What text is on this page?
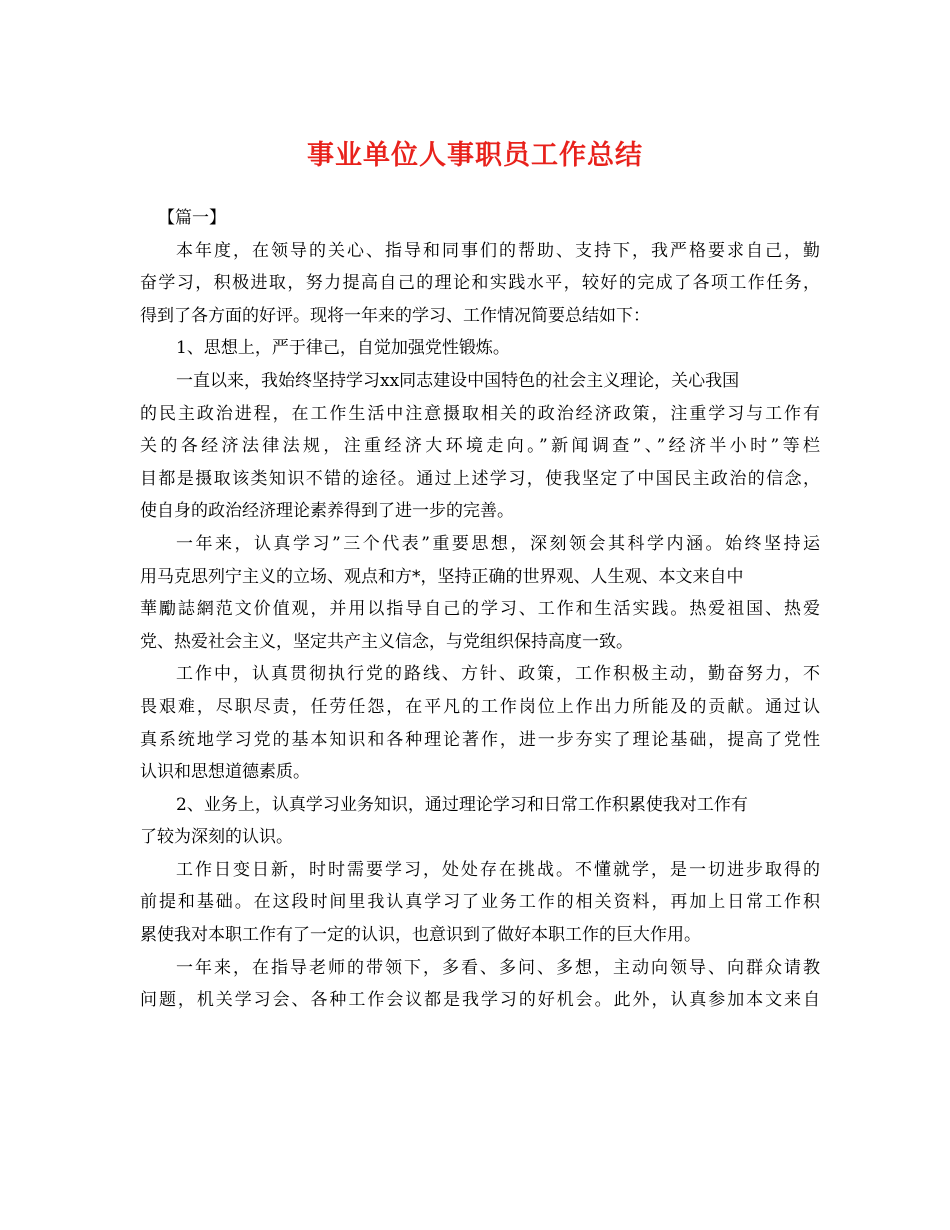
事业单位人事职员工作总结
【篇一】
本年度，在领导的关心、指导和同事们的帮助、支持下，我严格要求自己，勤
奋学习，积极进取，努力提高自己的理论和实践水平，较好的完成了各项工作任务，
得到了各方面的好评。现将一年来的学习、工作情况简要总结如下：
1、思想上，严于律己，自觉加强党性锻炼。
一直以来，我始终坚持学习xx同志建设中国特色的社会主义理论，关心我国
的民主政治进程，在工作生活中注意摄取相关的政治经济政策，注重学习与工作有
关的各经济法律法规，注重经济大环境走向。”新闻调查”、”经济半小时”等栏
目都是摄取该类知识不错的途径。通过上述学习，使我坚定了中国民主政治的信念，
使自身的政治经济理论素养得到了进一步的完善。
一年来，认真学习”三个代表”重要思想，深刻领会其科学内涵。始终坚持运
用马克思列宁主义的立场、观点和方*，坚持正确的世界观、人生观、本文来自中
華勵誌網范文价值观，并用以指导自己的学习、工作和生活实践。热爱祖国、热爱
党、热爱社会主义，坚定共产主义信念，与党组织保持高度一致。
工作中，认真贯彻执行党的路线、方针、政策，工作积极主动，勤奋努力，不
畏艰难，尽职尽责，任劳任怨，在平凡的工作岗位上作出力所能及的贡献。通过认
真系统地学习党的基本知识和各种理论著作，进一步夯实了理论基础，提高了党性
认识和思想道德素质。
2、业务上，认真学习业务知识，通过理论学习和日常工作积累使我对工作有
了较为深刻的认识。
工作日变日新，时时需要学习，处处存在挑战。不懂就学，是一切进步取得的
前提和基础。在这段时间里我认真学习了业务工作的相关资料，再加上日常工作积
累使我对本职工作有了一定的认识，也意识到了做好本职工作的巨大作用。
一年来，在指导老师的带领下，多看、多问、多想，主动向领导、向群众请教
问题，机关学习会、各种工作会议都是我学习的好机会。此外，认真参加本文来自
